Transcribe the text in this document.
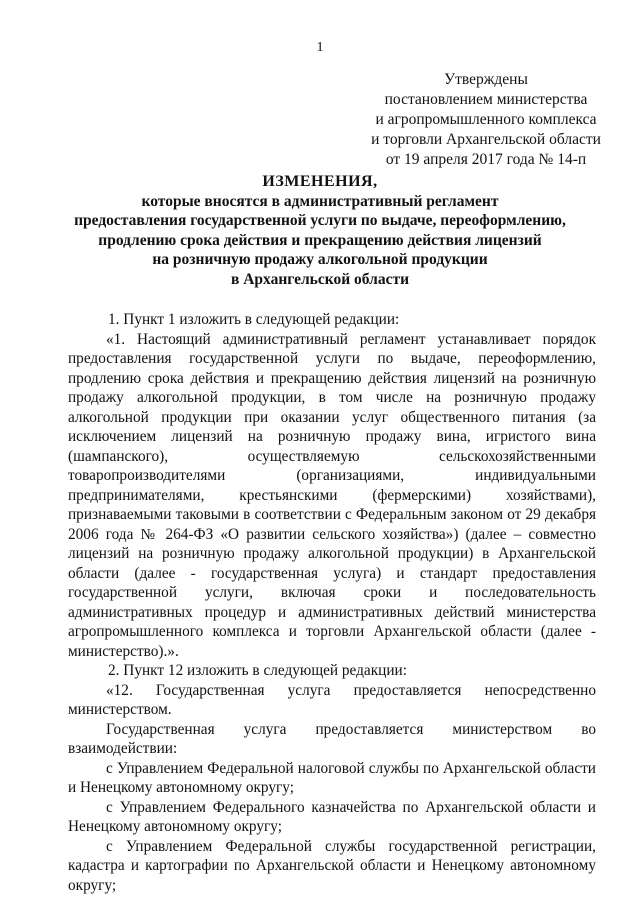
1
Утверждены
постановлением министерства
и агропромышленного комплекса
и торговли Архангельской области
от 19 апреля 2017 года № 14-п
ИЗМЕНЕНИЯ,
которые вносятся в административный регламент
предоставления государственной услуги по выдаче, переоформлению,
продлению срока действия и прекращению действия лицензий
на розничную продажу алкогольной продукции
в Архангельской области

1. Пункт 1 изложить в следующей редакции:

«1. Настоящий административный регламент устанавливает порядок предоставления государственной услуги по выдаче, переоформлению, продлению срока действия и прекращению действия лицензий на розничную продажу алкогольной продукции, в том числе на розничную продажу алкогольной продукции при оказании услуг общественного питания (за исключением лицензий на розничную продажу вина, игристого вина (шампанского), осуществляемую сельскохозяйственными товаропроизводителями (организациями, индивидуальными предпринимателями, крестьянскими (фермерскими) хозяйствами), признаваемыми таковыми в соответствии с Федеральным законом от 29 декабря 2006 года № 264-ФЗ «О развитии сельского хозяйства») (далее – совместно лицензий на розничную продажу алкогольной продукции) в Архангельской области (далее - государственная услуга) и стандарт предоставления государственной услуги, включая сроки и последовательность административных процедур и административных действий министерства агропромышленного комплекса и торговли Архангельской области (далее - министерство).».

2. Пункт 12 изложить в следующей редакции:

«12. Государственная услуга предоставляется непосредственно министерством.

Государственная услуга предоставляется министерством во взаимодействии:

с Управлением Федеральной налоговой службы по Архангельской области и Ненецкому автономному округу;

с Управлением Федерального казначейства по Архангельской области и Ненецкому автономному округу;

с Управлением Федеральной службы государственной регистрации, кадастра и картографии по Архангельской области и Ненецкому автономному округу;
